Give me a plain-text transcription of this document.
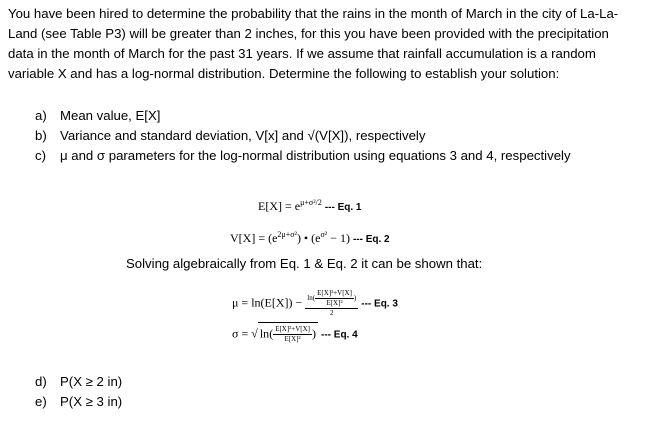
You have been hired to determine the probability that the rains in the month of March in the city of La-La-Land (see Table P3) will be greater than 2 inches, for this you have been provided with the precipitation data in the month of March for the past 31 years. If we assume that rainfall accumulation is a random variable X and has a log-normal distribution. Determine the following to establish your solution:

a)	Mean value, E[X]
b)	Variance and standard deviation, V[x] and √(V[X]), respectively
c)	μ and σ parameters for the log-normal distribution using equations 3 and 4, respectively
$E[X] = e^{\mu+\sigma^2/2}$ --- Eq. 1
$V[X] = (e^{2\mu+\sigma^2})$ • $(e^{\sigma^2} - 1)$ --- Eq. 2

Solving algebraically from Eq. 1 & Eq. 2 it can be shown that:

$\mu = \ln(E[X]) - \frac{\ln( \frac{\text{E[X]²+V[X]}}{\text{E[X]²}} )}{2}$ --- Eq. 3
σ = √ $\ln( \frac{\text{E[X]²+V[X]}}{\text{E[X]²}}$ ) --- Eq. 4
d)	P(X ≥ 2 in)
e)	P(X ≥ 3 in)
